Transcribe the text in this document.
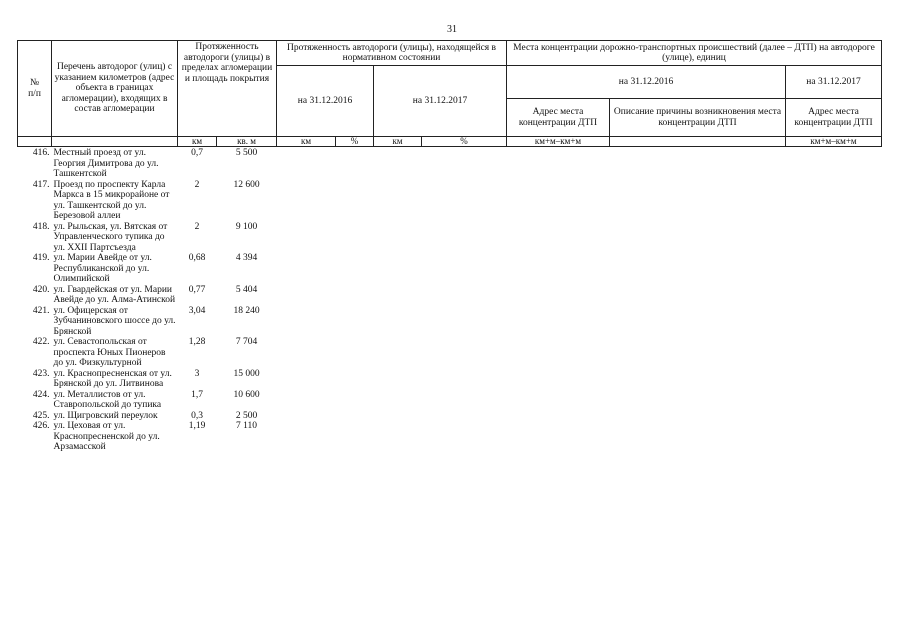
31
№
п/п	Перечень автодорог (улиц) с указанием километров (адрес объекта в границах агломерации), входящих в состав агломерации	Протяженность автодороги (улицы) в пределах агломерации и площадь покрытия		Протяженность автодороги (улицы), находящейся в нормативном состоянии				Места концентрации дорожно-транспортных происшествий (далее – ДТП) на автодороге (улице), единиц		
				на 31.12.2016		на 31.12.2017		на 31.12.2016		на 31.12.2017
								Адрес места концентрации ДТП	Описание причины возникновения места концентрации ДТП	Адрес места концентрации ДТП
		км	кв. м	км	%	км	%	км+м–км+м		км+м–км+м
416.	Местный проезд от ул. Георгия Димитрова до ул. Ташкентской	0,7	5 500							
417.	Проезд по проспекту Карла Маркса в 15 микрорайоне от ул. Ташкентской до ул. Березовой аллеи	2	12 600							
418.	ул. Рыльская, ул. Вятская от Управленческого тупика до ул. XXII Партсъезда	2	9 100							
419.	ул. Марии Авейде от ул. Республиканской до ул. Олимпийской	0,68	4 394							
420.	ул. Гвардейская от ул. Марии Авейде до ул. Алма-Атинской	0,77	5 404							
421.	ул. Офицерская от Зубчаниновского шоссе до ул. Брянской	3,04	18 240							
422.	ул. Севастопольская от проспекта Юных Пионеров до ул. Физкультурной	1,28	7 704							
423.	ул. Краснопресненская от ул. Брянской до ул. Литвинова	3	15 000							
424.	ул. Металлистов от ул. Ставропольской до тупика	1,7	10 600							
425.	ул. Щигровский переулок	0,3	2 500							
426.	ул. Цеховая от ул. Краснопресненской до ул. Арзамасской	1,19	7 110							
